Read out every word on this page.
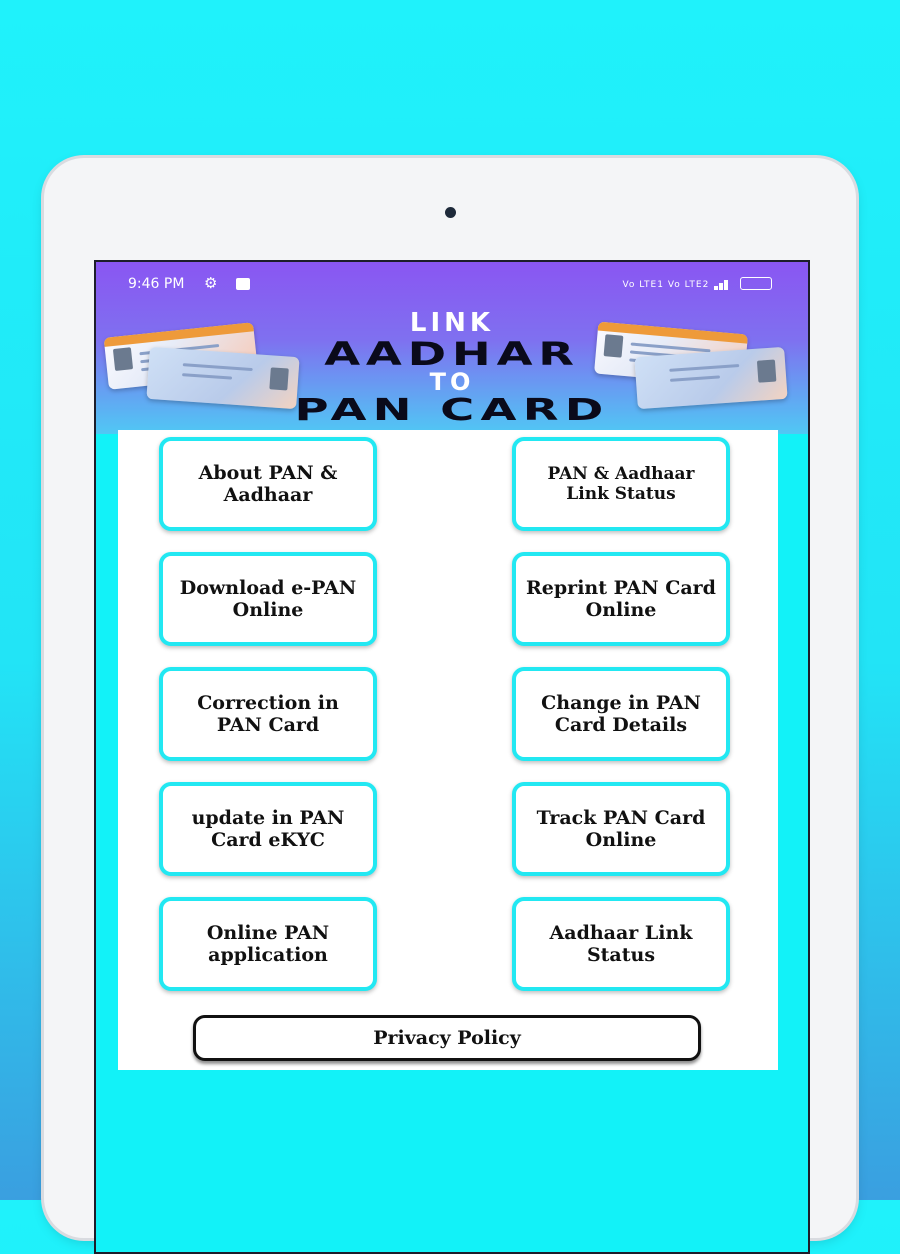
9:46 PM ⚙	Vo LTE1 Vo LTE2
LINK
AADHAR
TO
PAN CARD
About PAN & Aadhaar
PAN & Aadhaar Link Status
Download e-PAN Online
Reprint PAN Card Online
Correction in PAN Card
Change in PAN Card Details
update in PAN Card eKYC
Track PAN Card Online
Online PAN application
Aadhaar Link Status
Privacy Policy
